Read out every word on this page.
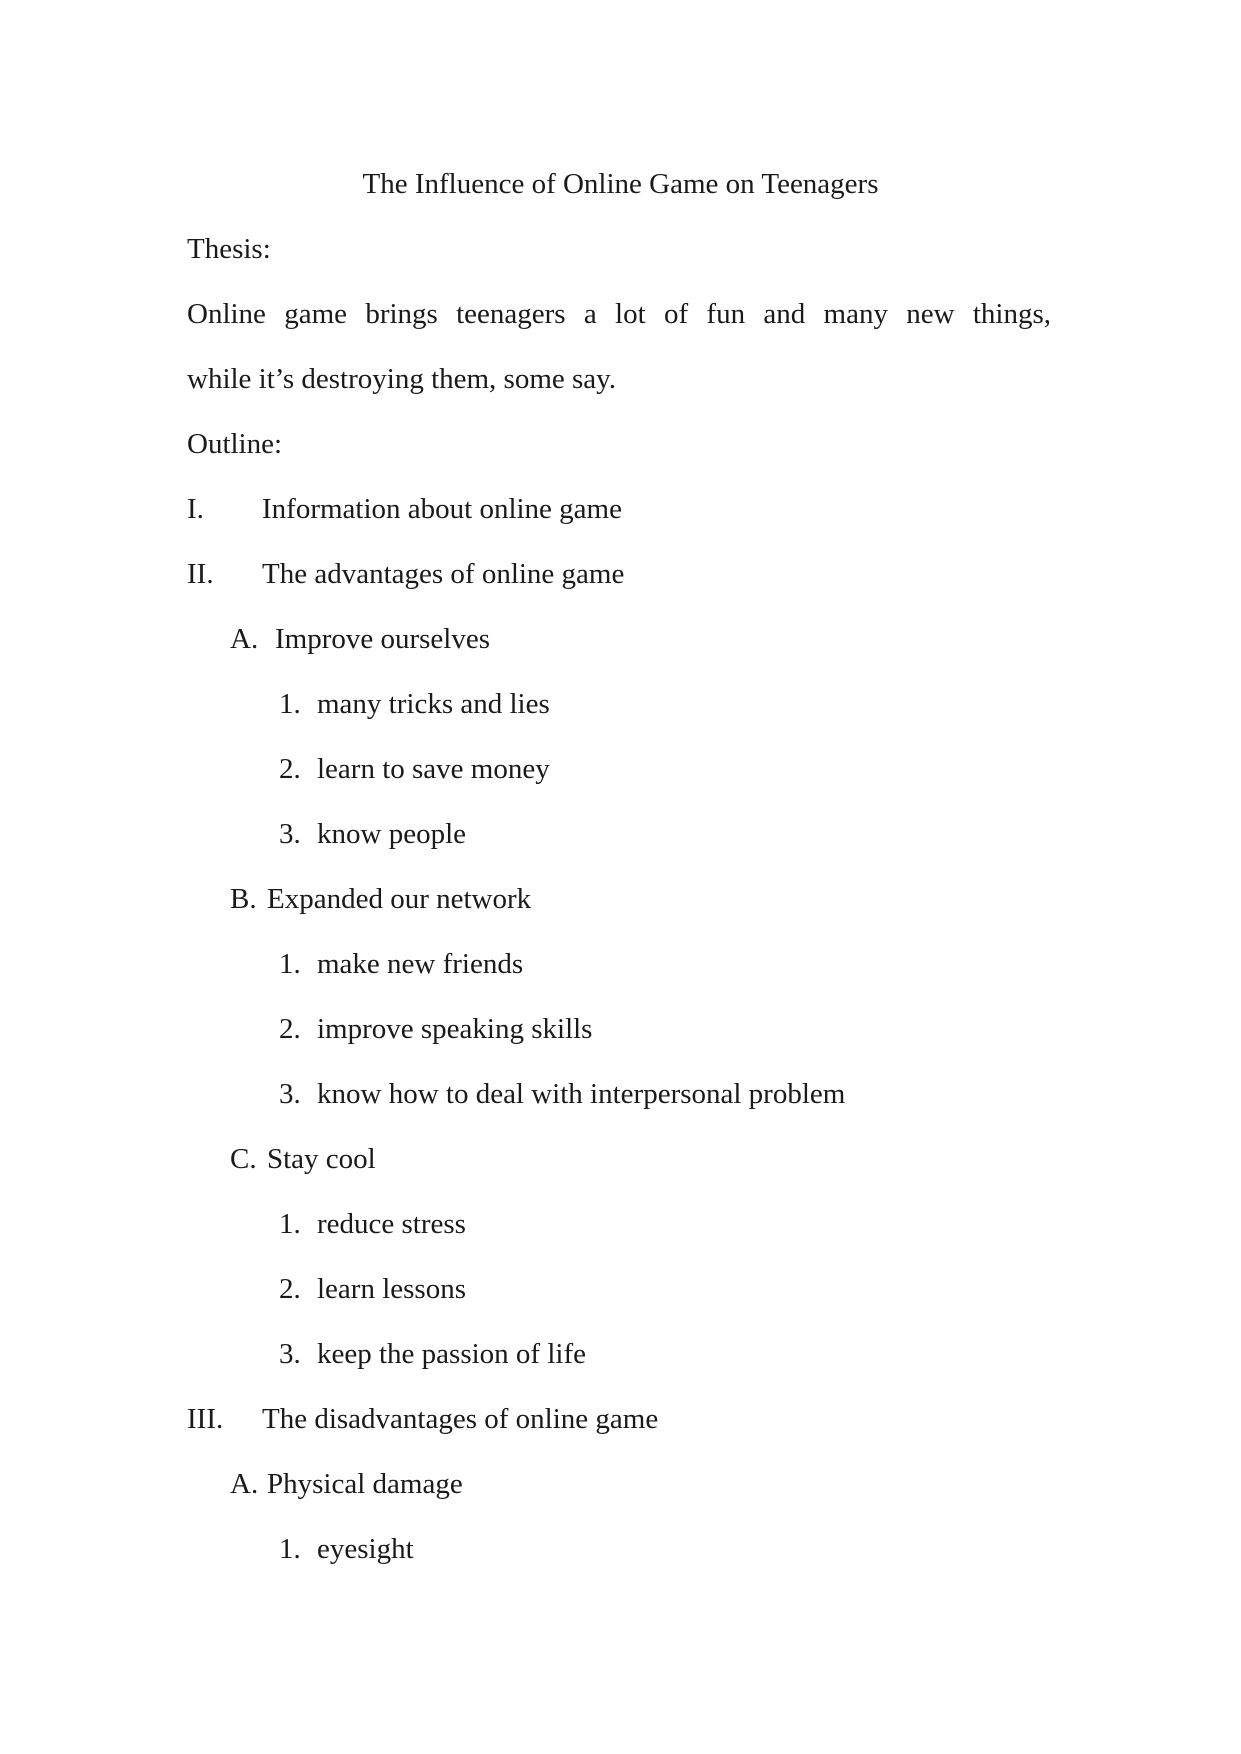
The Influence of Online Game on Teenagers
Thesis:
Online game brings teenagers a lot of fun and many new things,
while it’s destroying them, some say.
Outline:
I. Information about online game
II. The advantages of online game
A. Improve ourselves
1. many tricks and lies
2. learn to save money
3. know people
B. Expanded our network
1. make new friends
2. improve speaking skills
3. know how to deal with interpersonal problem
C. Stay cool
1. reduce stress
2. learn lessons
3. keep the passion of life
III. The disadvantages of online game
A. Physical damage
1. eyesight
